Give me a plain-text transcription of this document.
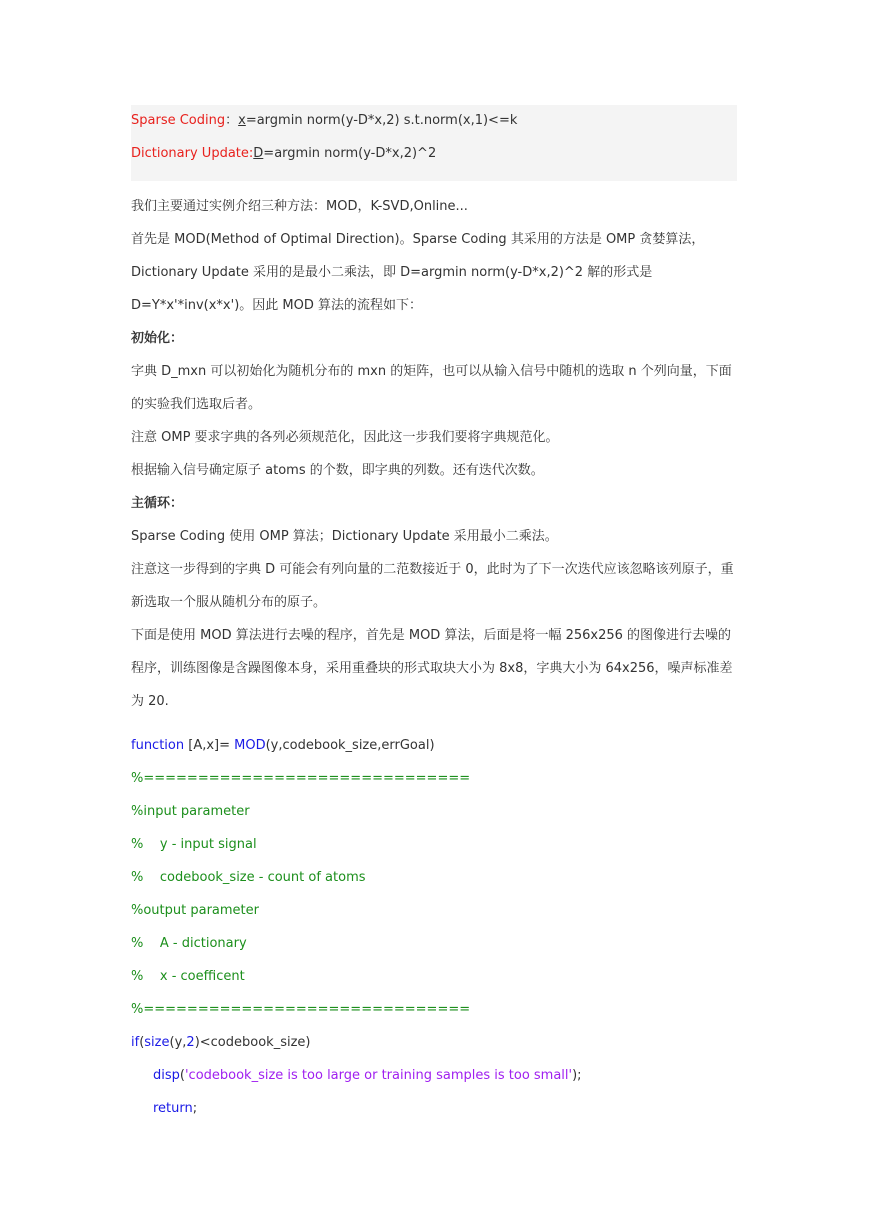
Sparse Coding：x=argmin norm(y-D*x,2) s.t.norm(x,1)<=k
Dictionary Update:D=argmin norm(y-D*x,2)^2
我们主要通过实例介绍三种方法：MOD，K-SVD,Online...
首先是 MOD(Method of Optimal Direction)。Sparse Coding 其采用的方法是 OMP 贪婪算法，
Dictionary Update 采用的是最小二乘法，即 D=argmin norm(y-D*x,2)^2 解的形式是
D=Y*x'*inv(x*x')。因此 MOD 算法的流程如下：
初始化：
字典 D_mxn 可以初始化为随机分布的 mxn 的矩阵，也可以从输入信号中随机的选取 n 个列向量，下面
的实验我们选取后者。
注意 OMP 要求字典的各列必须规范化，因此这一步我们要将字典规范化。
根据输入信号确定原子 atoms 的个数，即字典的列数。还有迭代次数。
主循环：
Sparse Coding 使用 OMP 算法；Dictionary Update 采用最小二乘法。
注意这一步得到的字典 D 可能会有列向量的二范数接近于 0，此时为了下一次迭代应该忽略该列原子，重
新选取一个服从随机分布的原子。
下面是使用 MOD 算法进行去噪的程序，首先是 MOD 算法，后面是将一幅 256x256 的图像进行去噪的
程序，训练图像是含躁图像本身，采用重叠块的形式取块大小为 8x8，字典大小为 64x256，噪声标准差
为 20.
function [A,x]= MOD(y,codebook_size,errGoal)
%==============================
%input parameter
%    y - input signal
%    codebook_size - count of atoms
%output parameter
%    A - dictionary
%    x - coefficent
%==============================
if(size(y,2)<codebook_size)
disp('codebook_size is too large or training samples is too small');
return;
